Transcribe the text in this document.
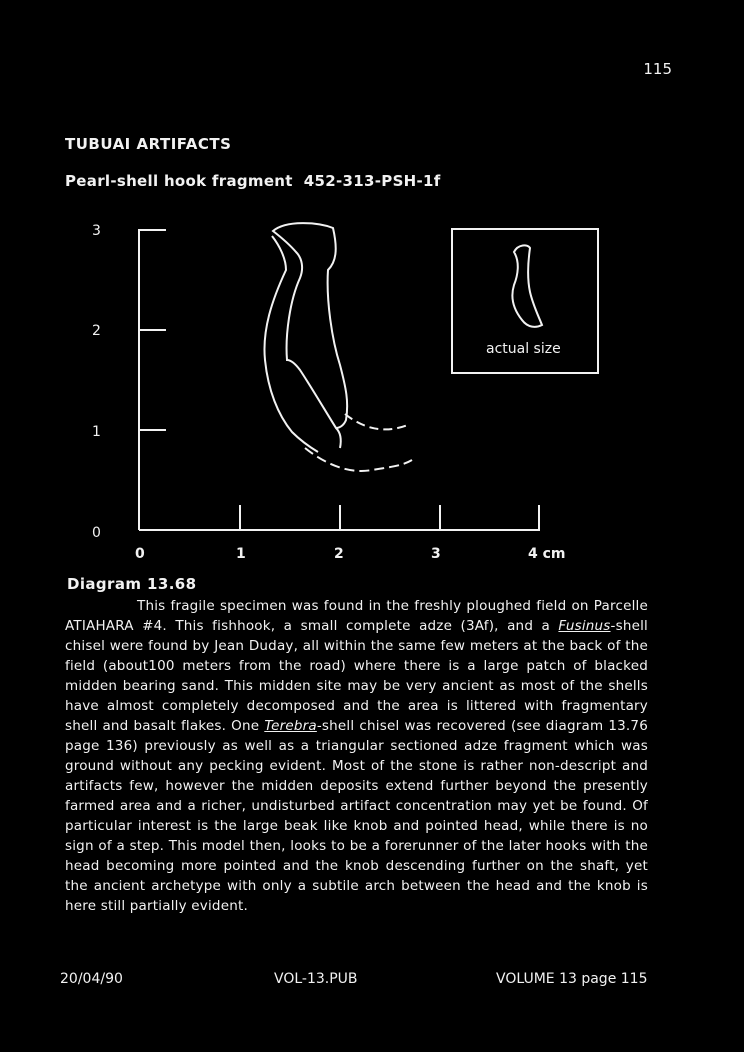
115
TUBUAI ARTIFACTS
Pearl-shell hook fragment  452-313-PSH-1f
3
2
1
0
0	1	2	3	4 cm
actual size
Diagram 13.68
This fragile specimen was found in the freshly ploughed field on Parcelle ATIAHARA #4. This fishhook, a small complete adze (3Af), and a Fusinus-shell chisel were found by Jean Duday, all within the same few meters at the back of the field (about100 meters from the road) where there is a large patch of blacked midden bearing sand. This midden site may be very ancient as most of the shells have almost completely decomposed and the area is littered with fragmentary shell and basalt flakes. One Terebra-shell chisel was recovered (see diagram 13.76 page 136) previously as well as a triangular sectioned adze fragment which was ground without any pecking evident. Most of the stone is rather non-descript and artifacts few, however the midden deposits extend further beyond the presently farmed area and a richer, undisturbed artifact concentration may yet be found. Of particular interest is the large beak like knob and pointed head, while there is no sign of a step. This model then, looks to be a forerunner of the later hooks with the head becoming more pointed and the knob descending further on the shaft, yet the ancient archetype with only a subtile arch between the head and the knob is here still partially evident.
20/04/90	VOL-13.PUB	VOLUME 13 page 115
